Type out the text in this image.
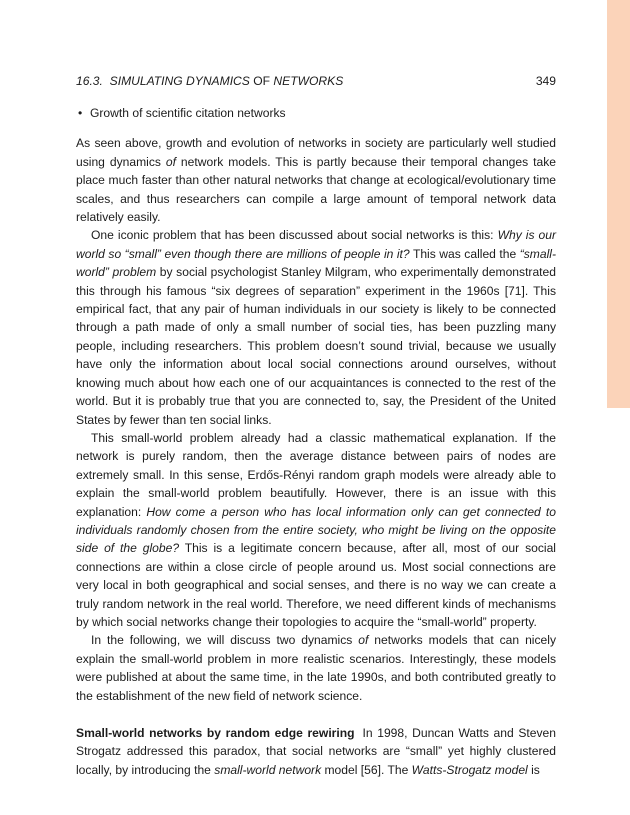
16.3. SIMULATING DYNAMICS OF NETWORKS	349
• Growth of scientific citation networks

As seen above, growth and evolution of networks in society are particularly well studied using dynamics of network models. This is partly because their temporal changes take place much faster than other natural networks that change at ecological/evolutionary time scales, and thus researchers can compile a large amount of temporal network data relatively easily.

One iconic problem that has been discussed about social networks is this: Why is our world so “small” even though there are millions of people in it? This was called the “small-world” problem by social psychologist Stanley Milgram, who experimentally demonstrated this through his famous “six degrees of separation” experiment in the 1960s [71]. This empirical fact, that any pair of human individuals in our society is likely to be connected through a path made of only a small number of social ties, has been puzzling many people, including researchers. This problem doesn’t sound trivial, because we usually have only the information about local social connections around ourselves, without knowing much about how each one of our acquaintances is connected to the rest of the world. But it is probably true that you are connected to, say, the President of the United States by fewer than ten social links.

This small-world problem already had a classic mathematical explanation. If the network is purely random, then the average distance between pairs of nodes are extremely small. In this sense, Erdős-Rényi random graph models were already able to explain the small-world problem beautifully. However, there is an issue with this explanation: How come a person who has local information only can get connected to individuals randomly chosen from the entire society, who might be living on the opposite side of the globe? This is a legitimate concern because, after all, most of our social connections are within a close circle of people around us. Most social connections are very local in both geographical and social senses, and there is no way we can create a truly random network in the real world. Therefore, we need different kinds of mechanisms by which social networks change their topologies to acquire the “small-world” property.

In the following, we will discuss two dynamics of networks models that can nicely explain the small-world problem in more realistic scenarios. Interestingly, these models were published at about the same time, in the late 1990s, and both contributed greatly to the establishment of the new field of network science.

Small-world networks by random edge rewiring In 1998, Duncan Watts and Steven Strogatz addressed this paradox, that social networks are “small” yet highly clustered locally, by introducing the small-world network model [56]. The Watts-Strogatz model is
